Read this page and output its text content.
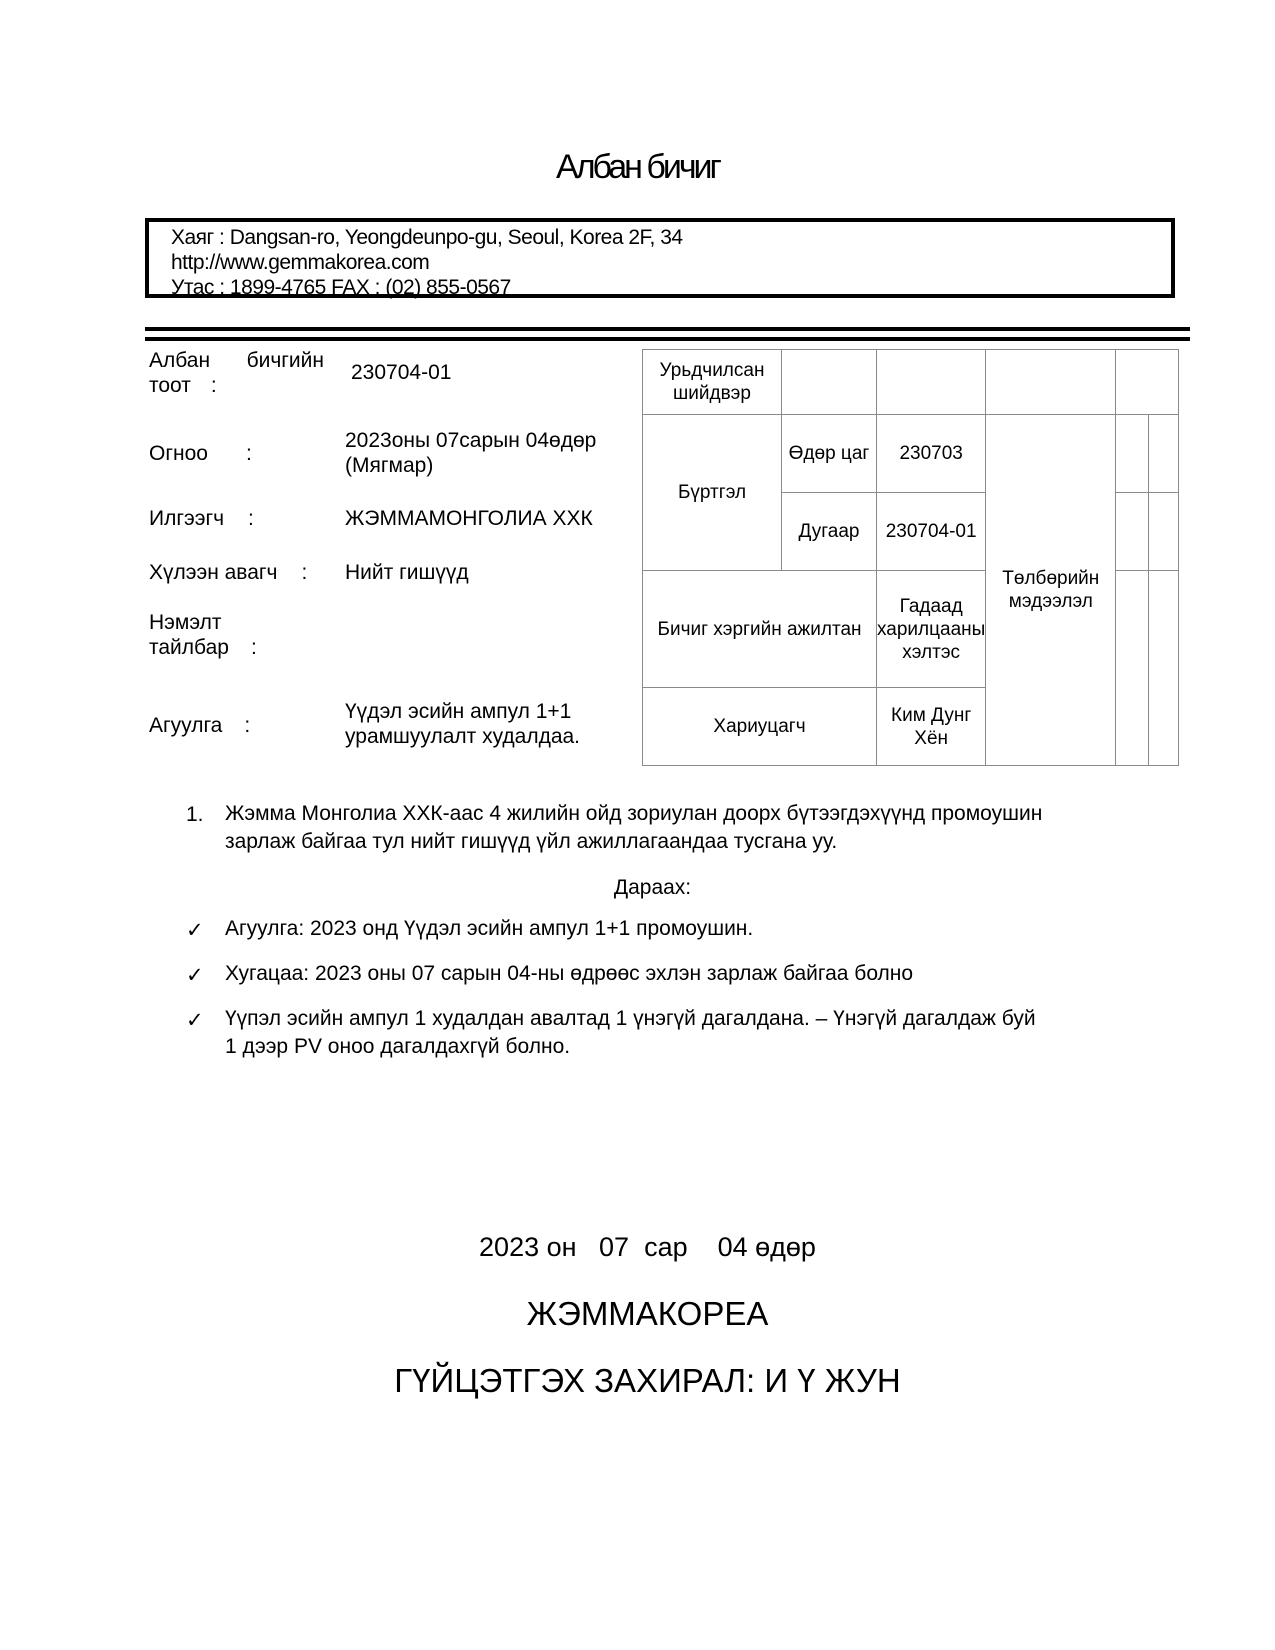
Албан бичиг
Хаяг : Dangsan-ro, Yeongdeunpo-gu, Seoul, Korea 2F, 34
http://www.gemmakorea.com
Утас : 1899-4765 FAX : (02) 855-0567
Албан бичгийн
тоот :
230704-01
Огноо :
2023оны 07сарын 04өдөр
(Мягмар)
Илгээгч :	ЖЭММАМОНГОЛИА ХХК
Хүлээн авагч : Нийт гишүүд
Нэмэлт
тайлбар :
Агуулга :
Үүдэл эсийн ампул 1+1
урамшуулалт худалдаа.
Урьдчилсан шийдвэр					
Бүртгэл	Өдөр цаг	230703	Төлбөрийн мэдээлэл		
	Дугаар	230704-01			
Бичиг хэргийн ажилтан		Гадаад харилцааны хэлтэс			
Хариуцагч		Ким Дунг Хён			
1. Жэмма Монголиа ХХК-аас 4 жилийн ойд зориулан доорх бүтээгдэхүүнд промоушин
зарлаж байгаа тул нийт гишүүд үйл ажиллагаандаа тусгана уу.
Дараах:
✓ Агуулга: 2023 онд Үүдэл эсийн ампул 1+1 промоушин.
✓ Хугацаа: 2023 оны 07 сарын 04-ны өдрөөс эхлэн зарлаж байгаа болно
✓ Үүпэл эсийн ампул 1 худалдан авалтад 1 үнэгүй дагалдана. – Үнэгүй дагалдаж буй
1 дээр PV оноо дагалдахгүй болно.
2023 он   07  сар    04 өдөр
ЖЭММАКОРЕА
ГҮЙЦЭТГЭХ ЗАХИРАЛ: И Ү ЖУН
